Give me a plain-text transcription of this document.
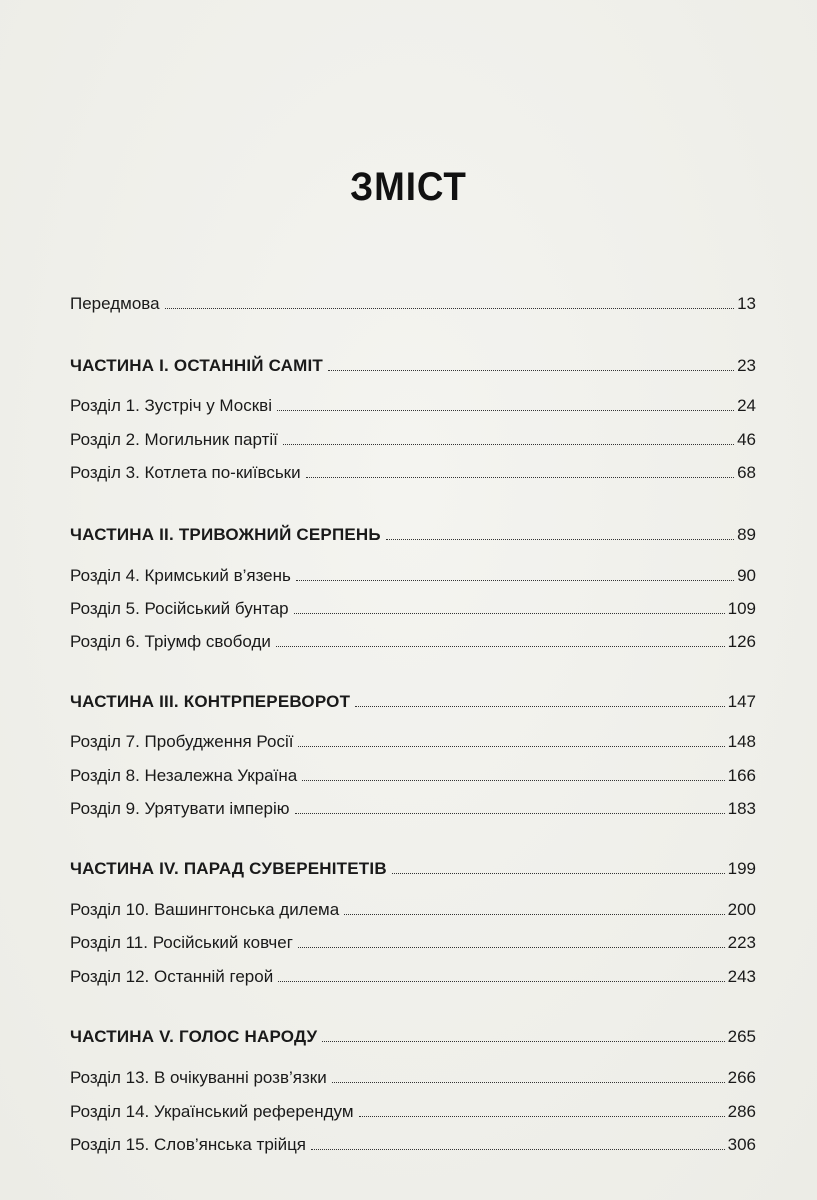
ЗМІСТ
Передмова	13
ЧАСТИНА I. ОСТАННІЙ САМІТ	23
Розділ 1. Зустріч у Москві	24
Розділ 2. Могильник партії	46
Розділ 3. Котлета по-київськи	68
ЧАСТИНА II. ТРИВОЖНИЙ СЕРПЕНЬ	89
Розділ 4. Кримський в’язень	90
Розділ 5. Російський бунтар	109
Розділ 6. Тріумф свободи	126
ЧАСТИНА III. КОНТРПЕРЕВОРОТ	147
Розділ 7. Пробудження Росії	148
Розділ 8. Незалежна Україна	166
Розділ 9. Урятувати імперію	183
ЧАСТИНА IV. ПАРАД СУВЕРЕНІТЕТІВ	199
Розділ 10. Вашингтонська дилема	200
Розділ 11. Російський ковчег	223
Розділ 12. Останній герой	243
ЧАСТИНА V. ГОЛОС НАРОДУ	265
Розділ 13. В очікуванні розв’язки	266
Розділ 14. Український референдум	286
Розділ 15. Слов’янська трійця	306
